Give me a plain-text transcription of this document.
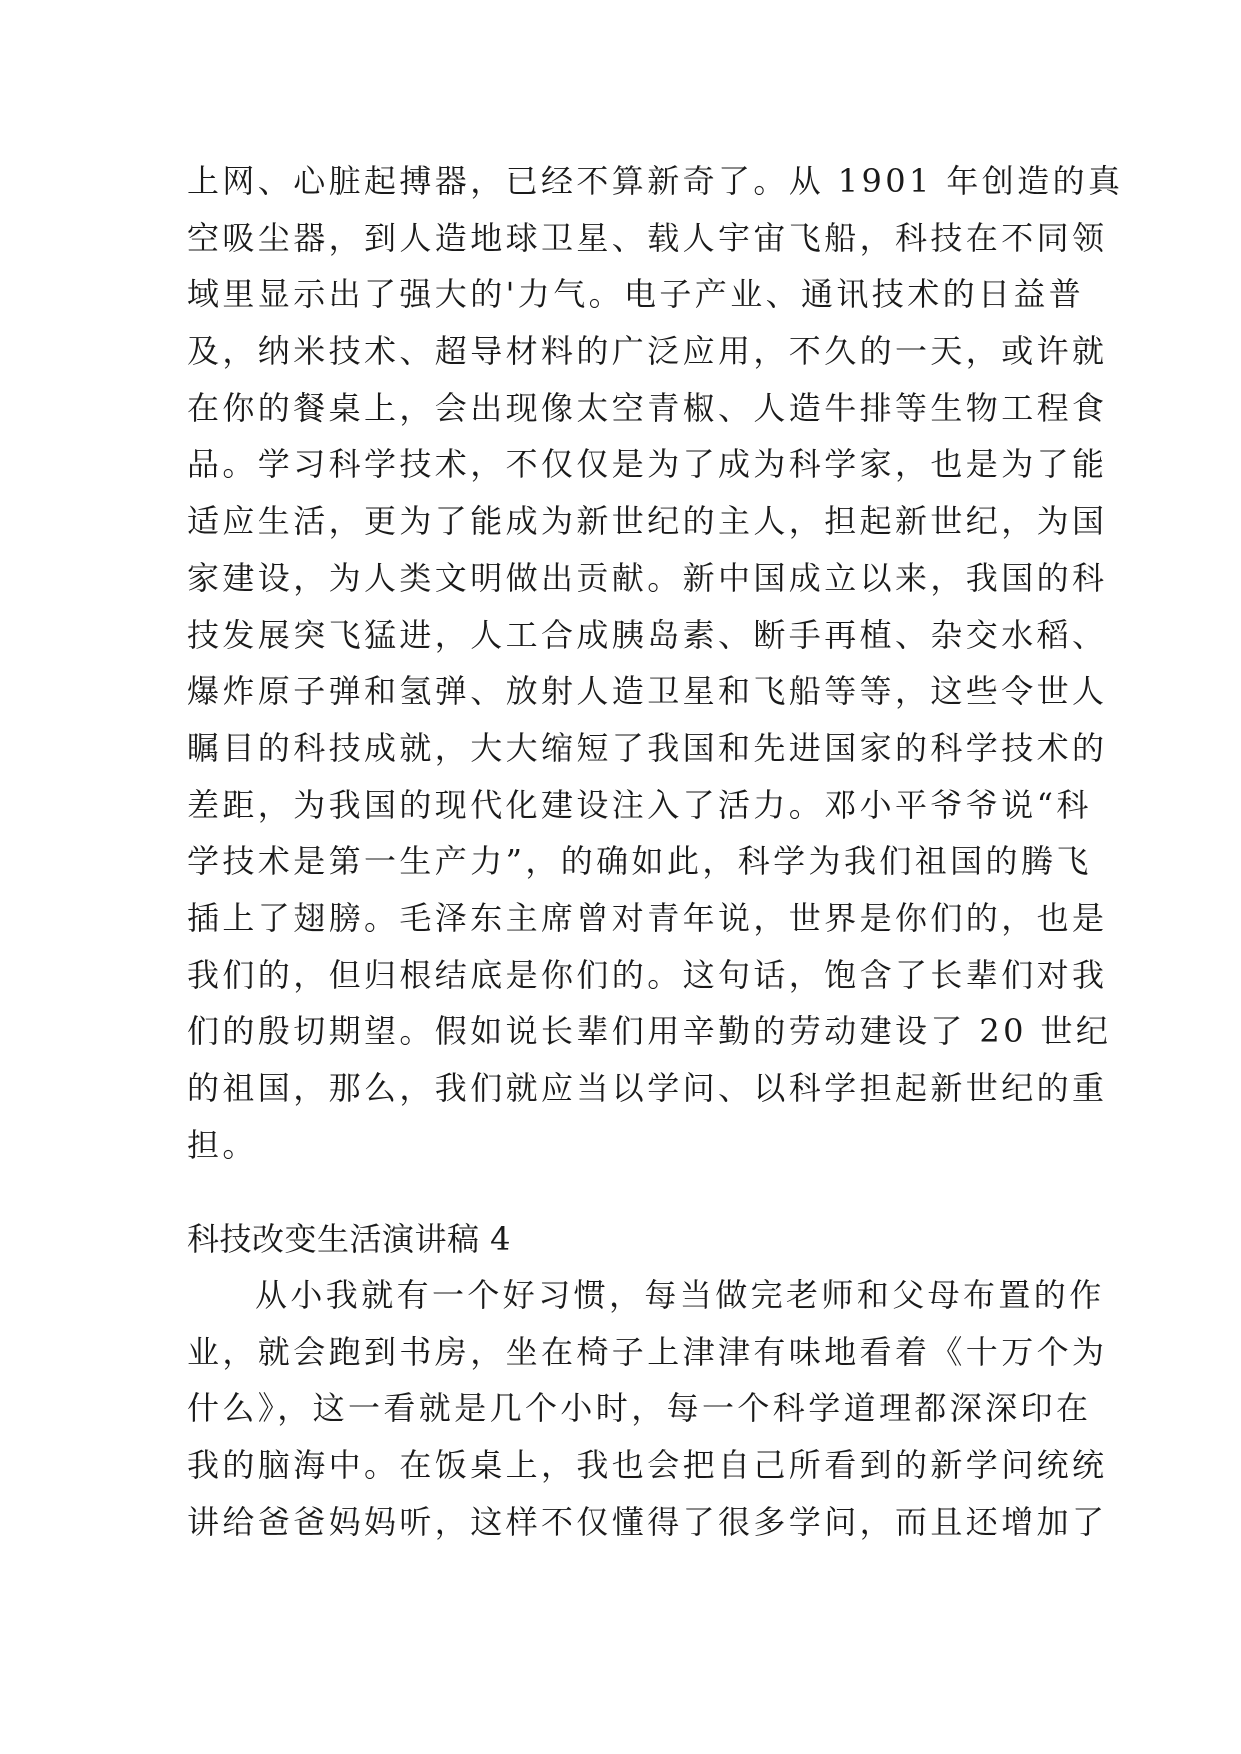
上网、心脏起搏器，已经不算新奇了。从 1901 年创造的真
空吸尘器，到人造地球卫星、载人宇宙飞船，科技在不同领
域里显示出了强大的'力气。电子产业、通讯技术的日益普
及，纳米技术、超导材料的广泛应用，不久的一天，或许就
在你的餐桌上，会出现像太空青椒、人造牛排等生物工程食
品。学习科学技术，不仅仅是为了成为科学家，也是为了能
适应生活，更为了能成为新世纪的主人，担起新世纪，为国
家建设，为人类文明做出贡献。新中国成立以来，我国的科
技发展突飞猛进，人工合成胰岛素、断手再植、杂交水稻、
爆炸原子弹和氢弹、放射人造卫星和飞船等等，这些令世人
瞩目的科技成就，大大缩短了我国和先进国家的科学技术的
差距，为我国的现代化建设注入了活力。邓小平爷爷说“科
学技术是第一生产力”，的确如此，科学为我们祖国的腾飞
插上了翅膀。毛泽东主席曾对青年说，世界是你们的，也是
我们的，但归根结底是你们的。这句话，饱含了长辈们对我
们的殷切期望。假如说长辈们用辛勤的劳动建设了 20 世纪
的祖国，那么，我们就应当以学问、以科学担起新世纪的重
担。
科技改变生活演讲稿 4
从小我就有一个好习惯，每当做完老师和父母布置的作
业，就会跑到书房，坐在椅子上津津有味地看着《十万个为
什么》，这一看就是几个小时，每一个科学道理都深深印在
我的脑海中。在饭桌上，我也会把自己所看到的新学问统统
讲给爸爸妈妈听，这样不仅懂得了很多学问，而且还增加了
